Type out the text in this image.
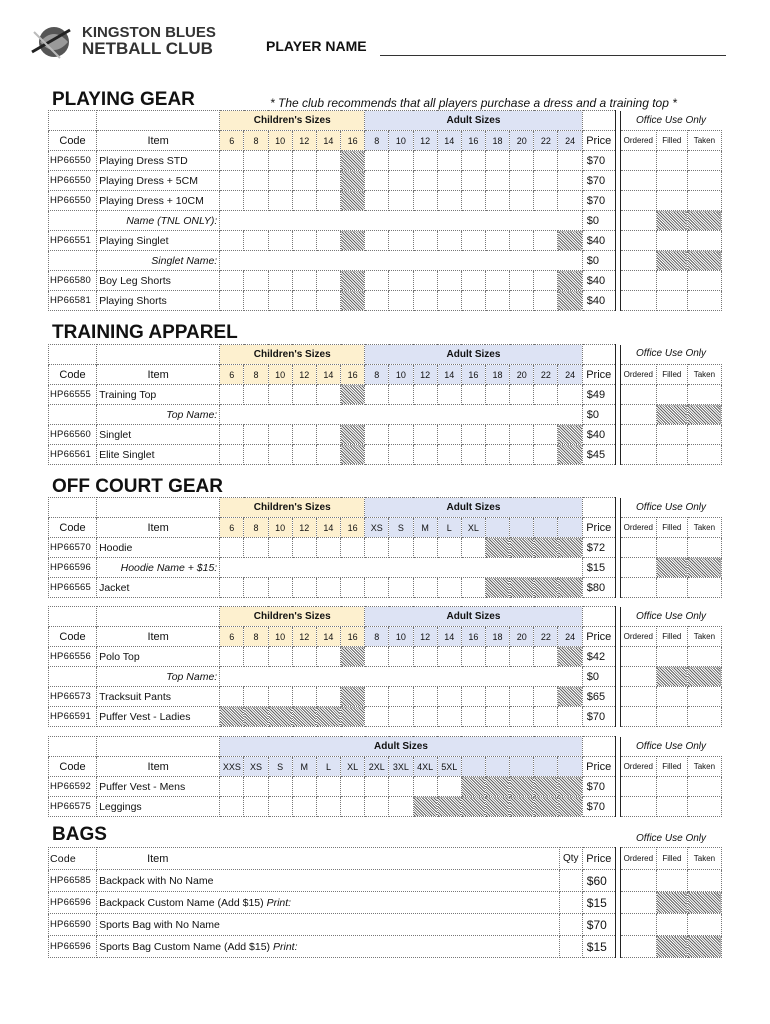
KINGSTON BLUES
NETBALL CLUB	PLAYER NAME
PLAYING GEAR	* The club recommends that all players purchase a dress and a training top *
Office Use Only
		Children's Sizes						Adult Sizes													
Code	Item	6	8	10	12	14	16	8	10	12	14	16	18	20	22	24	Price		Ordered	Filled	Taken
HP66550	Playing Dress STD																$70				
HP66550	Playing Dress + 5CM																$70				
HP66550	Playing Dress + 10CM																$70				
	Name (TNL ONLY):																$0				
HP66551	Playing Singlet																$40				
	Singlet Name:																$0				
HP66580	Boy Leg Shorts																$40				
HP66581	Playing Shorts																$40				
TRAINING APPAREL
Office Use Only
		Children's Sizes						Adult Sizes													
Code	Item	6	8	10	12	14	16	8	10	12	14	16	18	20	22	24	Price		Ordered	Filled	Taken
HP66555	Training Top																$49				
	Top Name:																$0				
HP66560	Singlet																$40				
HP66561	Elite Singlet																$45				
OFF COURT GEAR
Office Use Only
		Children's Sizes						Adult Sizes													
Code	Item	6	8	10	12	14	16	XS	S	M	L	XL					Price		Ordered	Filled	Taken
HP66570	Hoodie																$72				
HP66596	Hoodie Name + $15:																$15				
HP66565	Jacket																$80				
Office Use Only
		Children's Sizes						Adult Sizes													
Code	Item	6	8	10	12	14	16	8	10	12	14	16	18	20	22	24	Price		Ordered	Filled	Taken
HP66556	Polo Top																$42				
	Top Name:																$0				
HP66573	Tracksuit Pants																$65				
HP66591	Puffer Vest - Ladies																$70				
Office Use Only
		Adult Sizes																			
Code	Item	XXS	XS	S	M	L	XL	2XL	3XL	4XL	5XL						Price		Ordered	Filled	Taken
HP66592	Puffer Vest - Mens																$70				
HP66575	Leggings																$70				
BAGS	Office Use Only
Code	Item	Qty	Price		Ordered	Filled	Taken
HP66585	Backpack with No Name		$60				
HP66596	Backpack Custom Name (Add $15) Print:		$15				
HP66590	Sports Bag with No Name		$70				
HP66596	Sports Bag Custom Name (Add $15) Print:		$15				
